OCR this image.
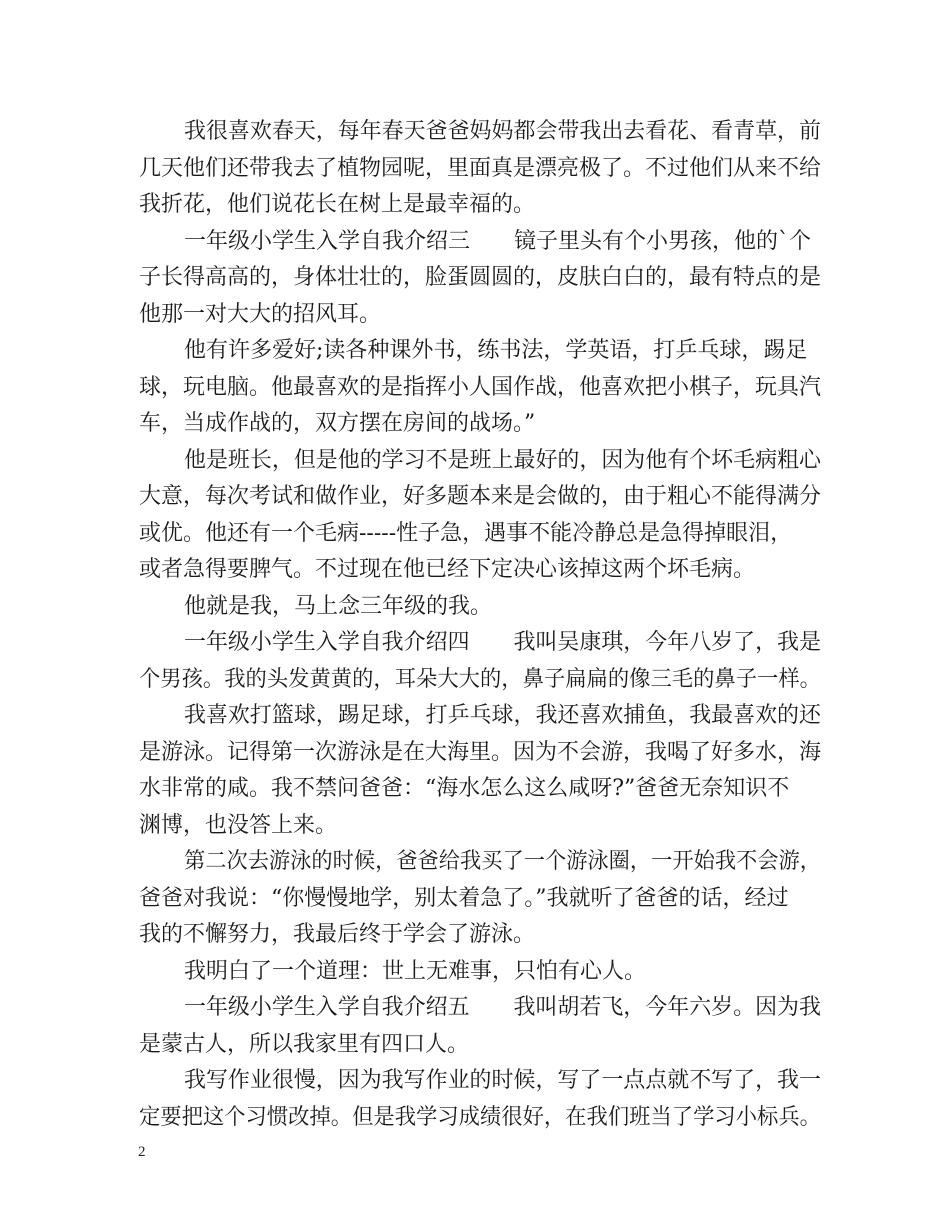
我很喜欢春天，每年春天爸爸妈妈都会带我出去看花、看青草，前
几天他们还带我去了植物园呢，里面真是漂亮极了。不过他们从来不给
我折花，他们说花长在树上是最幸福的。
一年级小学生入学自我介绍三　　镜子里头有个小男孩，他的`个
子长得高高的，身体壮壮的，脸蛋圆圆的，皮肤白白的，最有特点的是
他那一对大大的招风耳。
他有许多爱好;读各种课外书，练书法，学英语，打乒乓球，踢足
球，玩电脑。他最喜欢的是指挥小人国作战，他喜欢把小棋子，玩具汽
车，当成作战的，双方摆在房间的战场。”
他是班长，但是他的学习不是班上最好的，因为他有个坏毛病粗心
大意，每次考试和做作业，好多题本来是会做的，由于粗心不能得满分
或优。他还有一个毛病-----性子急，遇事不能冷静总是急得掉眼泪，
或者急得要脾气。不过现在他已经下定决心该掉这两个坏毛病。
他就是我，马上念三年级的我。
一年级小学生入学自我介绍四　　我叫吴康琪，今年八岁了，我是
个男孩。我的头发黄黄的，耳朵大大的，鼻子扁扁的像三毛的鼻子一样。
我喜欢打篮球，踢足球，打乒乓球，我还喜欢捕鱼，我最喜欢的还
是游泳。记得第一次游泳是在大海里。因为不会游，我喝了好多水，海
水非常的咸。我不禁问爸爸：“海水怎么这么咸呀?”爸爸无奈知识不
渊博，也没答上来。
第二次去游泳的时候，爸爸给我买了一个游泳圈，一开始我不会游，
爸爸对我说：“你慢慢地学，别太着急了。”我就听了爸爸的话，经过
我的不懈努力，我最后终于学会了游泳。
我明白了一个道理：世上无难事，只怕有心人。
一年级小学生入学自我介绍五　　我叫胡若飞，今年六岁。因为我
是蒙古人，所以我家里有四口人。
我写作业很慢，因为我写作业的时候，写了一点点就不写了，我一
定要把这个习惯改掉。但是我学习成绩很好，在我们班当了学习小标兵。
2
